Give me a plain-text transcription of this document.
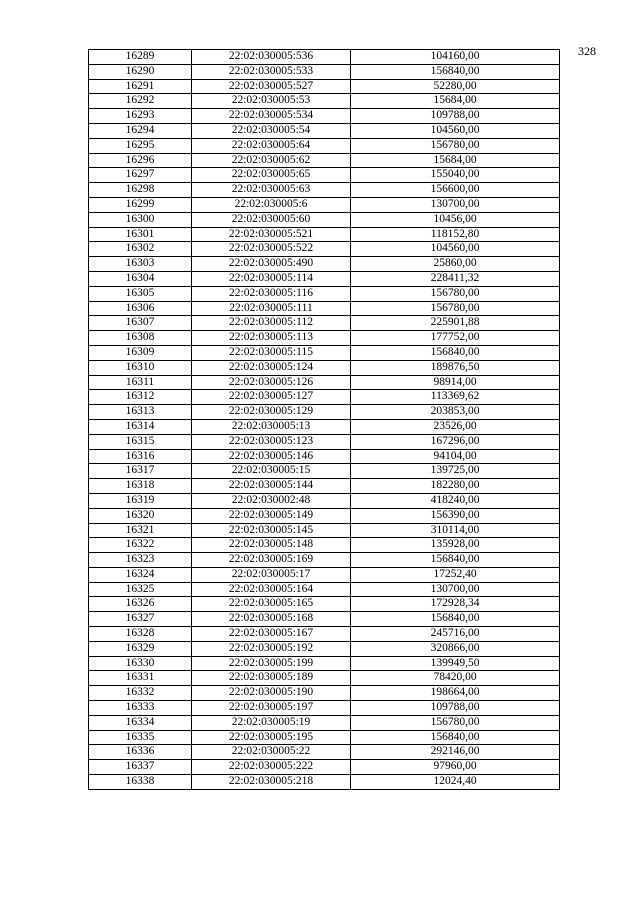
328
16289	22:02:030005:536	104160,00
16290	22:02:030005:533	156840,00
16291	22:02:030005:527	52280,00
16292	22:02:030005:53	15684,00
16293	22:02:030005:534	109788,00
16294	22:02:030005:54	104560,00
16295	22:02:030005:64	156780,00
16296	22:02:030005:62	15684,00
16297	22:02:030005:65	155040,00
16298	22:02:030005:63	156600,00
16299	22:02:030005:6	130700,00
16300	22:02:030005:60	10456,00
16301	22:02:030005:521	118152,80
16302	22:02:030005:522	104560,00
16303	22:02:030005:490	25860,00
16304	22:02:030005:114	228411,32
16305	22:02:030005:116	156780,00
16306	22:02:030005:111	156780,00
16307	22:02:030005:112	225901,88
16308	22:02:030005:113	177752,00
16309	22:02:030005:115	156840,00
16310	22:02:030005:124	189876,50
16311	22:02:030005:126	98914,00
16312	22:02:030005:127	113369,62
16313	22:02:030005:129	203853,00
16314	22:02:030005:13	23526,00
16315	22:02:030005:123	167296,00
16316	22:02:030005:146	94104,00
16317	22:02:030005:15	139725,00
16318	22:02:030005:144	182280,00
16319	22:02:030002:48	418240,00
16320	22:02:030005:149	156390,00
16321	22:02:030005:145	310114,00
16322	22:02:030005:148	135928,00
16323	22:02:030005:169	156840,00
16324	22:02:030005:17	17252,40
16325	22:02:030005:164	130700,00
16326	22:02:030005:165	172928,34
16327	22:02:030005:168	156840,00
16328	22:02:030005:167	245716,00
16329	22:02:030005:192	320866,00
16330	22:02:030005:199	139949,50
16331	22:02:030005:189	78420,00
16332	22:02:030005:190	198664,00
16333	22:02:030005:197	109788,00
16334	22:02:030005:19	156780,00
16335	22:02:030005:195	156840,00
16336	22:02:030005:22	292146,00
16337	22:02:030005:222	97960,00
16338	22:02:030005:218	12024,40
